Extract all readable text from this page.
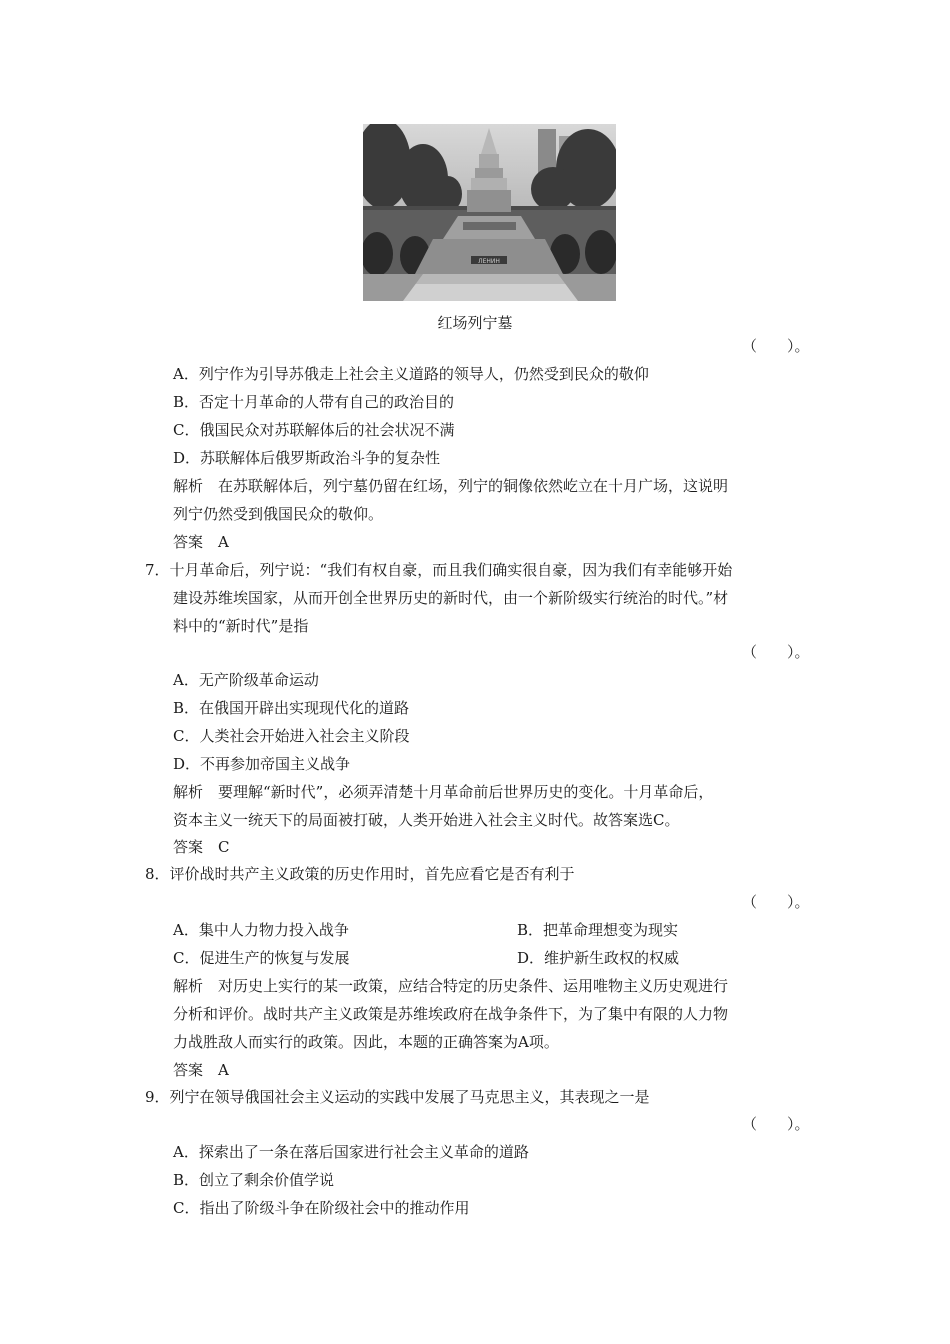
ЛЕНИН
红场列宁墓
（　　）。
A．列宁作为引导苏俄走上社会主义道路的领导人，仍然受到民众的敬仰
B．否定十月革命的人带有自己的政治目的
C．俄国民众对苏联解体后的社会状况不满
D．苏联解体后俄罗斯政治斗争的复杂性
解析　在苏联解体后，列宁墓仍留在红场，列宁的铜像依然屹立在十月广场，这说明
列宁仍然受到俄国民众的敬仰。
答案　A
7．十月革命后，列宁说：“我们有权自豪，而且我们确实很自豪，因为我们有幸能够开始
建设苏维埃国家，从而开创全世界历史的新时代，由一个新阶级实行统治的时代。”材
料中的“新时代”是指
（　　）。
A．无产阶级革命运动
B．在俄国开辟出实现现代化的道路
C．人类社会开始进入社会主义阶段
D．不再参加帝国主义战争
解析　要理解“新时代”，必须弄清楚十月革命前后世界历史的变化。十月革命后，
资本主义一统天下的局面被打破，人类开始进入社会主义时代。故答案选C。
答案　C
8．评价战时共产主义政策的历史作用时，首先应看它是否有利于
（　　）。
A．集中人力物力投入战争	B．把革命理想变为现实
C．促进生产的恢复与发展	D．维护新生政权的权威
解析　对历史上实行的某一政策，应结合特定的历史条件、运用唯物主义历史观进行
分析和评价。战时共产主义政策是苏维埃政府在战争条件下，为了集中有限的人力物
力战胜敌人而实行的政策。因此，本题的正确答案为A项。
答案　A
9．列宁在领导俄国社会主义运动的实践中发展了马克思主义，其表现之一是
（　　）。
A．探索出了一条在落后国家进行社会主义革命的道路
B．创立了剩余价值学说
C．指出了阶级斗争在阶级社会中的推动作用
